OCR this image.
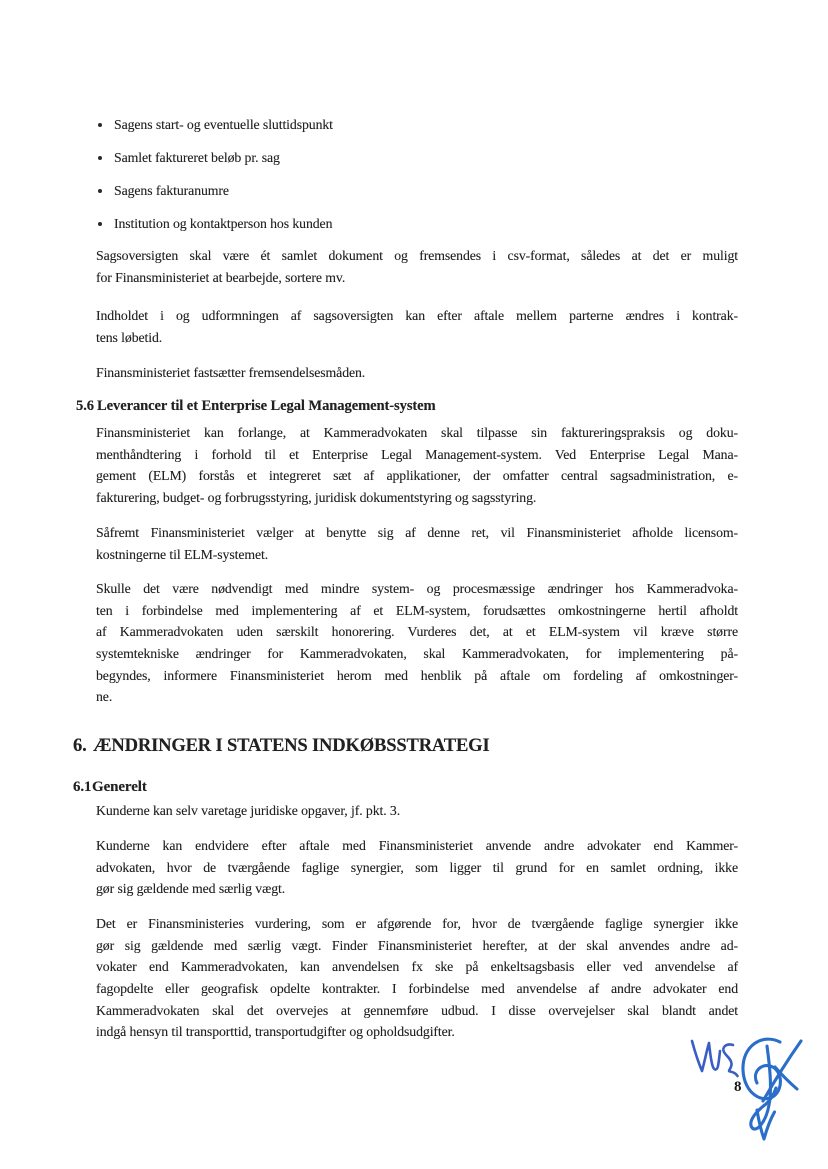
Sagens start- og eventuelle sluttidspunkt
Samlet faktureret beløb pr. sag
Sagens fakturanumre
Institution og kontaktperson hos kunden
Sagsoversigten skal være ét samlet dokument og fremsendes i csv-format, således at det er muligt
for Finansministeriet at bearbejde, sortere mv.
Indholdet i og udformningen af sagsoversigten kan efter aftale mellem parterne ændres i kontrak-
tens løbetid.
Finansministeriet fastsætter fremsendelsesmåden.
5.6 Leverancer til et Enterprise Legal Management-system
Finansministeriet kan forlange, at Kammeradvokaten skal tilpasse sin faktureringspraksis og doku-
menthåndtering i forhold til et Enterprise Legal Management-system. Ved Enterprise Legal Mana-
gement (ELM) forstås et integreret sæt af applikationer, der omfatter central sagsadministration, e-
fakturering, budget- og forbrugsstyring, juridisk dokumentstyring og sagsstyring.
Såfremt Finansministeriet vælger at benytte sig af denne ret, vil Finansministeriet afholde licensom-
kostningerne til ELM-systemet.
Skulle det være nødvendigt med mindre system- og procesmæssige ændringer hos Kammeradvoka-
ten i forbindelse med implementering af et ELM-system, forudsættes omkostningerne hertil afholdt
af Kammeradvokaten uden særskilt honorering. Vurderes det, at et ELM-system vil kræve større
systemtekniske ændringer for Kammeradvokaten, skal Kammeradvokaten, for implementering på-
begyndes, informere Finansministeriet herom med henblik på aftale om fordeling af omkostninger-
ne.
6. ÆNDRINGER I STATENS INDKØBSSTRATEGI
6.1Generelt
Kunderne kan selv varetage juridiske opgaver, jf. pkt. 3.
Kunderne kan endvidere efter aftale med Finansministeriet anvende andre advokater end Kammer-
advokaten, hvor de tværgående faglige synergier, som ligger til grund for en samlet ordning, ikke
gør sig gældende med særlig vægt.
Det er Finansministeries vurdering, som er afgørende for, hvor de tværgående faglige synergier ikke
gør sig gældende med særlig vægt. Finder Finansministeriet herefter, at der skal anvendes andre ad-
vokater end Kammeradvokaten, kan anvendelsen fx ske på enkeltsagsbasis eller ved anvendelse af
fagopdelte eller geografisk opdelte kontrakter. I forbindelse med anvendelse af andre advokater end
Kammeradvokaten skal det overvejes at gennemføre udbud. I disse overvejelser skal blandt andet
indgå hensyn til transporttid, transportudgifter og opholdsudgifter.
8
